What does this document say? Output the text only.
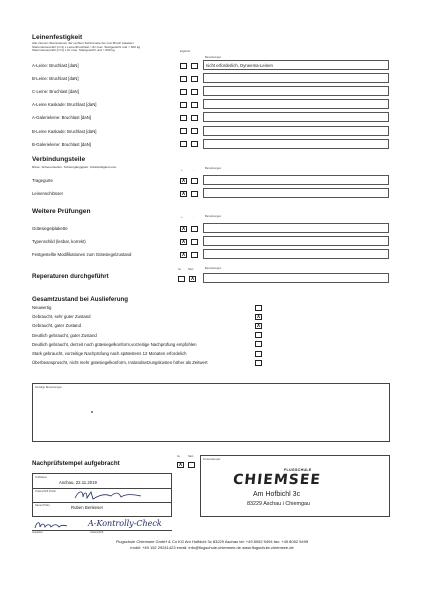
Leinenfestigkeit
Alle inneren Stammleinen der rechten Schirmseite bis zum Bruch belasten
Stammleinenzahl (n=4) x Leinenbruchlast > 8x max. Startgewicht und > 600 kg
Stammleinenzahl (n=3) x 6x max. Startgewicht und > 600 kg	Ergebnis
Bemerkungen
A-Leine: Bruchlast [daN]	nicht erforderlich, Dyneema-Leinen
B-Leine: Bruchlast [daN]
C-Leine: Bruchlast [daN]
A-Leine Kaskade: Bruchlast [daN]
A-Galerieleine: Bruchlast [daN]
B-Leine Kaskade: Bruchlast [daN]
B-Galerieleine: Bruchlast [daN]
Verbindungsteile
Risse, Scheuerstellen, Schwergängigkeit, Vollständigkeit usw.
+	-
Bemerkungen
Tragegurte	X
Leinenschlösser	X
Weitere Prüfungen
+	-	Bemerkungen
Gütesiegelplakette	X
Typenschild (lesbar, korrekt)	X
Festgestellte Modifikationen zum Gütesiegelzustand	X
Ja	Nein	Bemerkungen
Reperaturen durchgeführt	X
Gesamtzustand bei Auslieferung
Neuwertig
Gebraucht, sehr guter Zustand	X
Gebraucht, guter Zustand	X
Deutlich gebraucht, guter Zustand
Deutlich gebraucht, derzeit noch gütesiegelkonform,vorzeitige Nachprüfung empfohlen
Stark gebraucht, vorzeitige Nachprüfung nach spätestens 12 Monaten erfordelich
Überbeanspruscht, nicht mehr gütesiegelkonform, Instandsetzungskosten höher als Zeitwert
Sonstige Bemerkungen
Ja	Nein
Nachprüfstempel aufgebracht	X
Ort/Datum
Aschau, 22.11.2019
Unterschrift Prüfer
Name Prüfer	Ruben Benkeser
A-Kontrolly-Check
Inspektor	Unterschrift
Firmenstempel
FLUGSCHULE
CHIEMSEE
Am Hofbichl 3c
83229 Aschau i Chiemgau
Flugschule Chiemsee GmbH & Co KG Am Hofbichl 3c 83229 Aschau tel: +49 8052 9494 fax: +49 8052 9495
mobil: +49 152 29241423 email: info@flugschule-chiemsee.de www.flugschule-chiemsee.de
